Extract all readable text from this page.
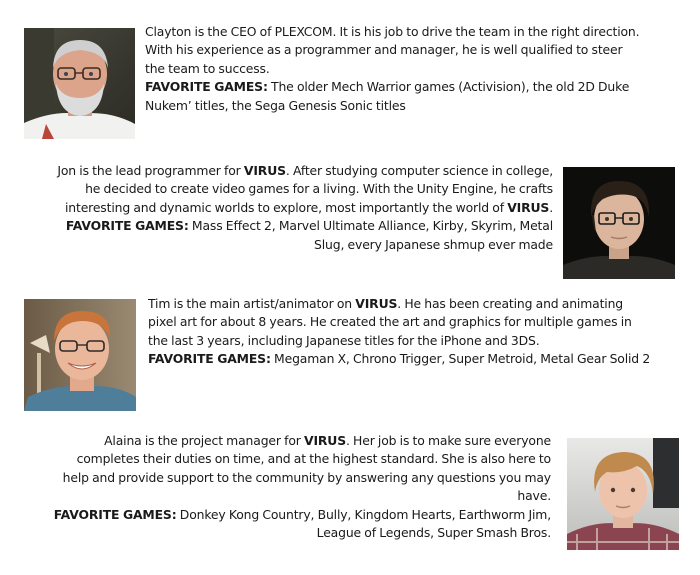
Clayton is the CEO of PLEXCOM. It is his job to drive the team in the right direction.
With his experience as a programmer and manager, he is well qualified to steer
the team to success.
FAVORITE GAMES: The older Mech Warrior games (Activision), the old 2D Duke
Nukem’ titles, the Sega Genesis Sonic titles
Jon is the lead programmer for VIRUS. After studying computer science in college,
he decided to create video games for a living. With the Unity Engine, he crafts
interesting and dynamic worlds to explore, most importantly the world of VIRUS.
FAVORITE GAMES: Mass Effect 2, Marvel Ultimate Alliance, Kirby, Skyrim, Metal
Slug, every Japanese shmup ever made
Tim is the main artist/animator on VIRUS. He has been creating and animating
pixel art for about 8 years. He created the art and graphics for multiple games in
the last 3 years, including Japanese titles for the iPhone and 3DS.
FAVORITE GAMES: Megaman X, Chrono Trigger, Super Metroid, Metal Gear Solid 2
Alaina is the project manager for VIRUS. Her job is to make sure everyone
completes their duties on time, and at the highest standard. She is also here to
help and provide support to the community by answering any questions you may
have.
FAVORITE GAMES: Donkey Kong Country, Bully, Kingdom Hearts, Earthworm Jim,
League of Legends, Super Smash Bros.
